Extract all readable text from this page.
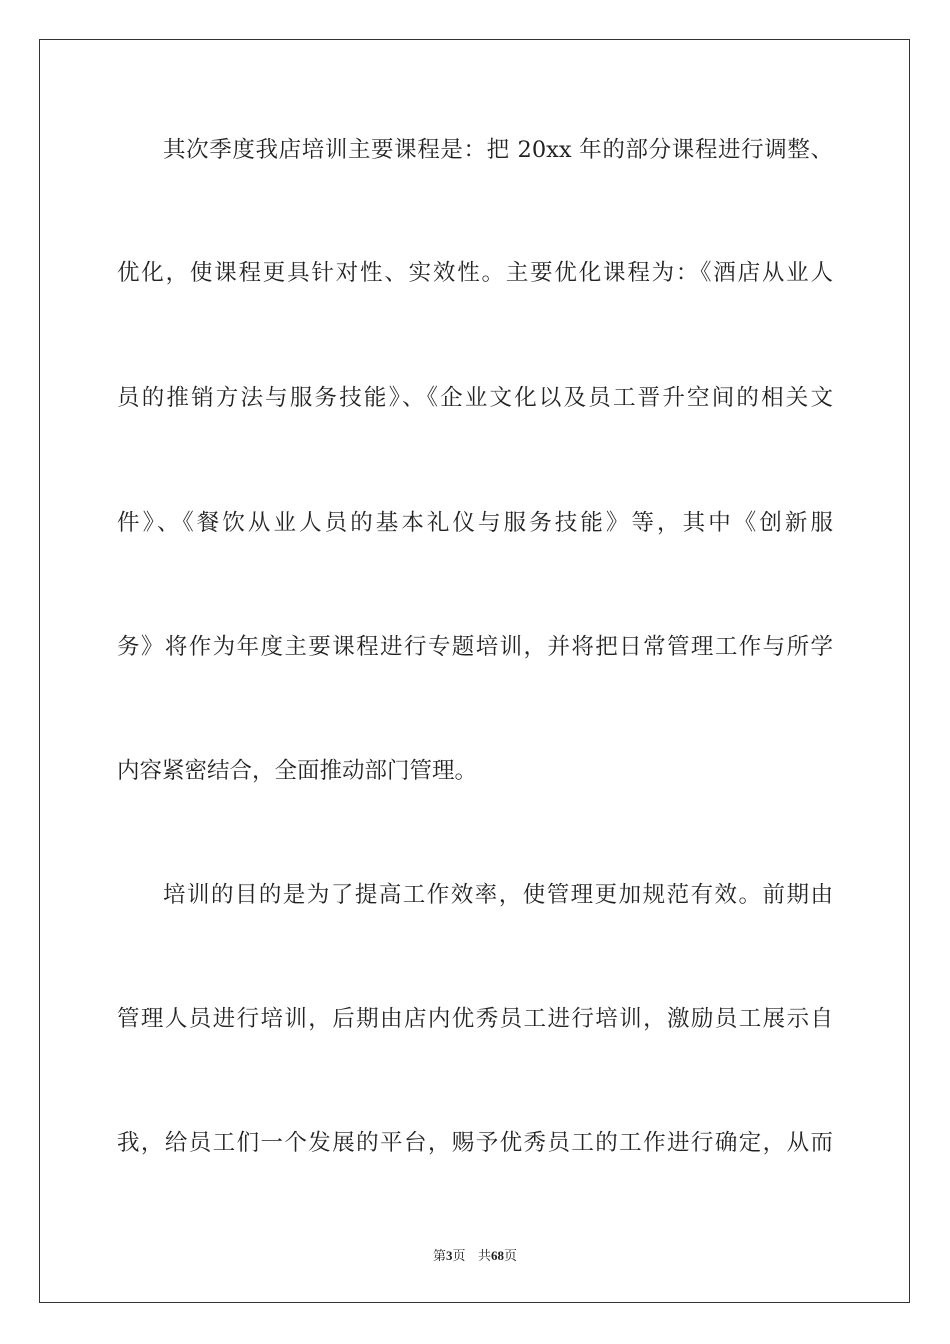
其次季度我店培训主要课程是：把 20xx 年的部分课程进行调整、

优化，使课程更具针对性、实效性。主要优化课程为：《酒店从业人

员的推销方法与服务技能》、《企业文化以及员工晋升空间的相关文

件》、《餐饮从业人员的基本礼仪与服务技能》等，其中《创新服

务》将作为年度主要课程进行专题培训，并将把日常管理工作与所学

内容紧密结合，全面推动部门管理。

培训的目的是为了提高工作效率，使管理更加规范有效。前期由

管理人员进行培训，后期由店内优秀员工进行培训，激励员工展示自

我，给员工们一个发展的平台，赐予优秀员工的工作进行确定，从而

第3页 共68页
